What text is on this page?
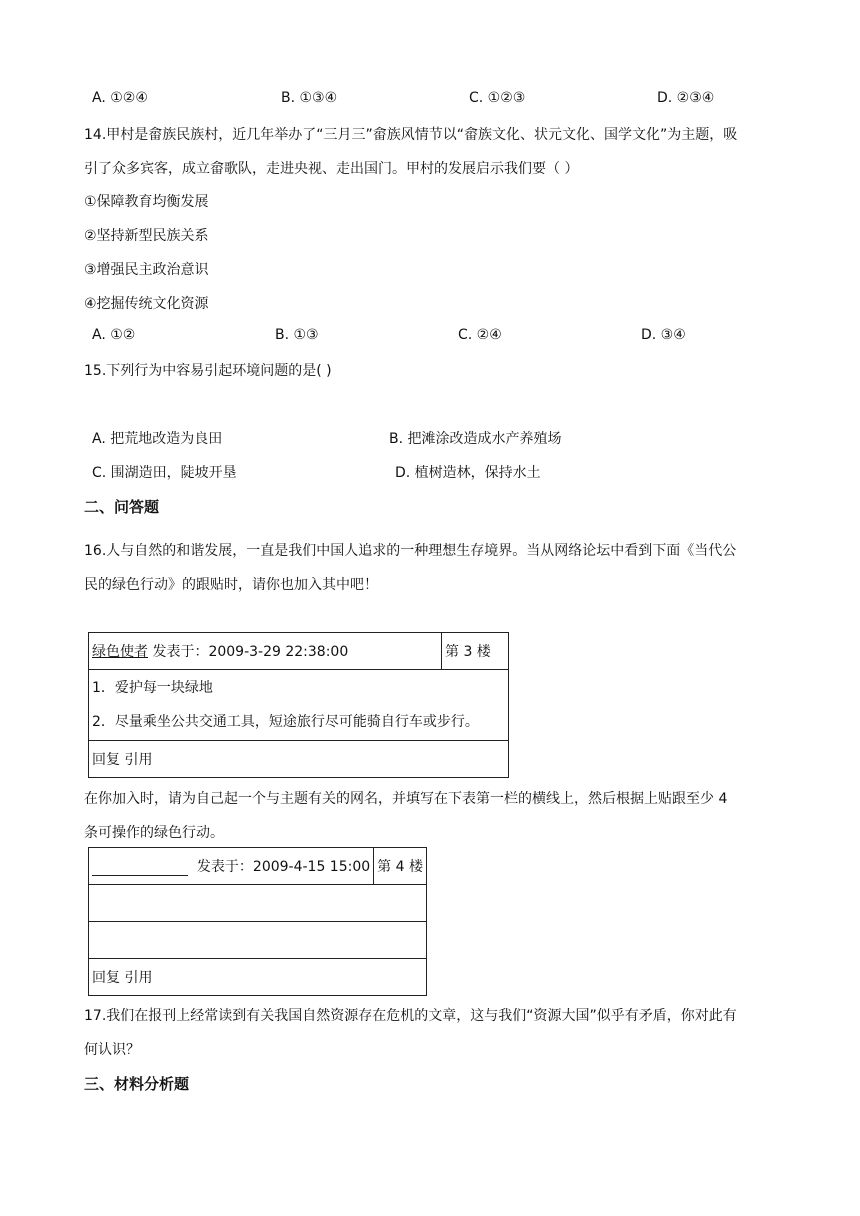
A. ①②④	B. ①③④	C. ①②③	D. ②③④
14.甲村是畲族民族村，近几年举办了“三月三”畲族风情节以“畲族文化、状元文化、国学文化”为主题，吸
引了众多宾客，成立畲歌队，走进央视、走出国门。甲村的发展启示我们要（ ）
①保障教育均衡发展
②坚持新型民族关系
③增强民主政治意识
④挖掘传统文化资源
A. ①②	B. ①③	C. ②④	D. ③④
15.下列行为中容易引起环境问题的是( )
A. 把荒地改造为良田	B. 把滩涂改造成水产养殖场
C. 围湖造田，陡坡开垦	D. 植树造林，保持水土
二、问答题
16.人与自然的和谐发展，一直是我们中国人追求的一种理想生存境界。当从网络论坛中看到下面《当代公
民的绿色行动》的跟贴时，请你也加入其中吧！
绿色使者 发表于：2009-3-29 22:38:00	第 3 楼

1．爱护每一块绿地
2．尽量乘坐公共交通工具，短途旅行尽可能骑自行车或步行。

回复 引用
在你加入时，请为自己起一个与主题有关的网名，并填写在下表第一栏的横线上，然后根据上贴跟至少 4
条可操作的绿色行动。
发表于：2009-4-15 15:00	第 4 楼

回复 引用
17.我们在报刊上经常读到有关我国自然资源存在危机的文章，这与我们“资源大国”似乎有矛盾，你对此有
何认识？
三、材料分析题
